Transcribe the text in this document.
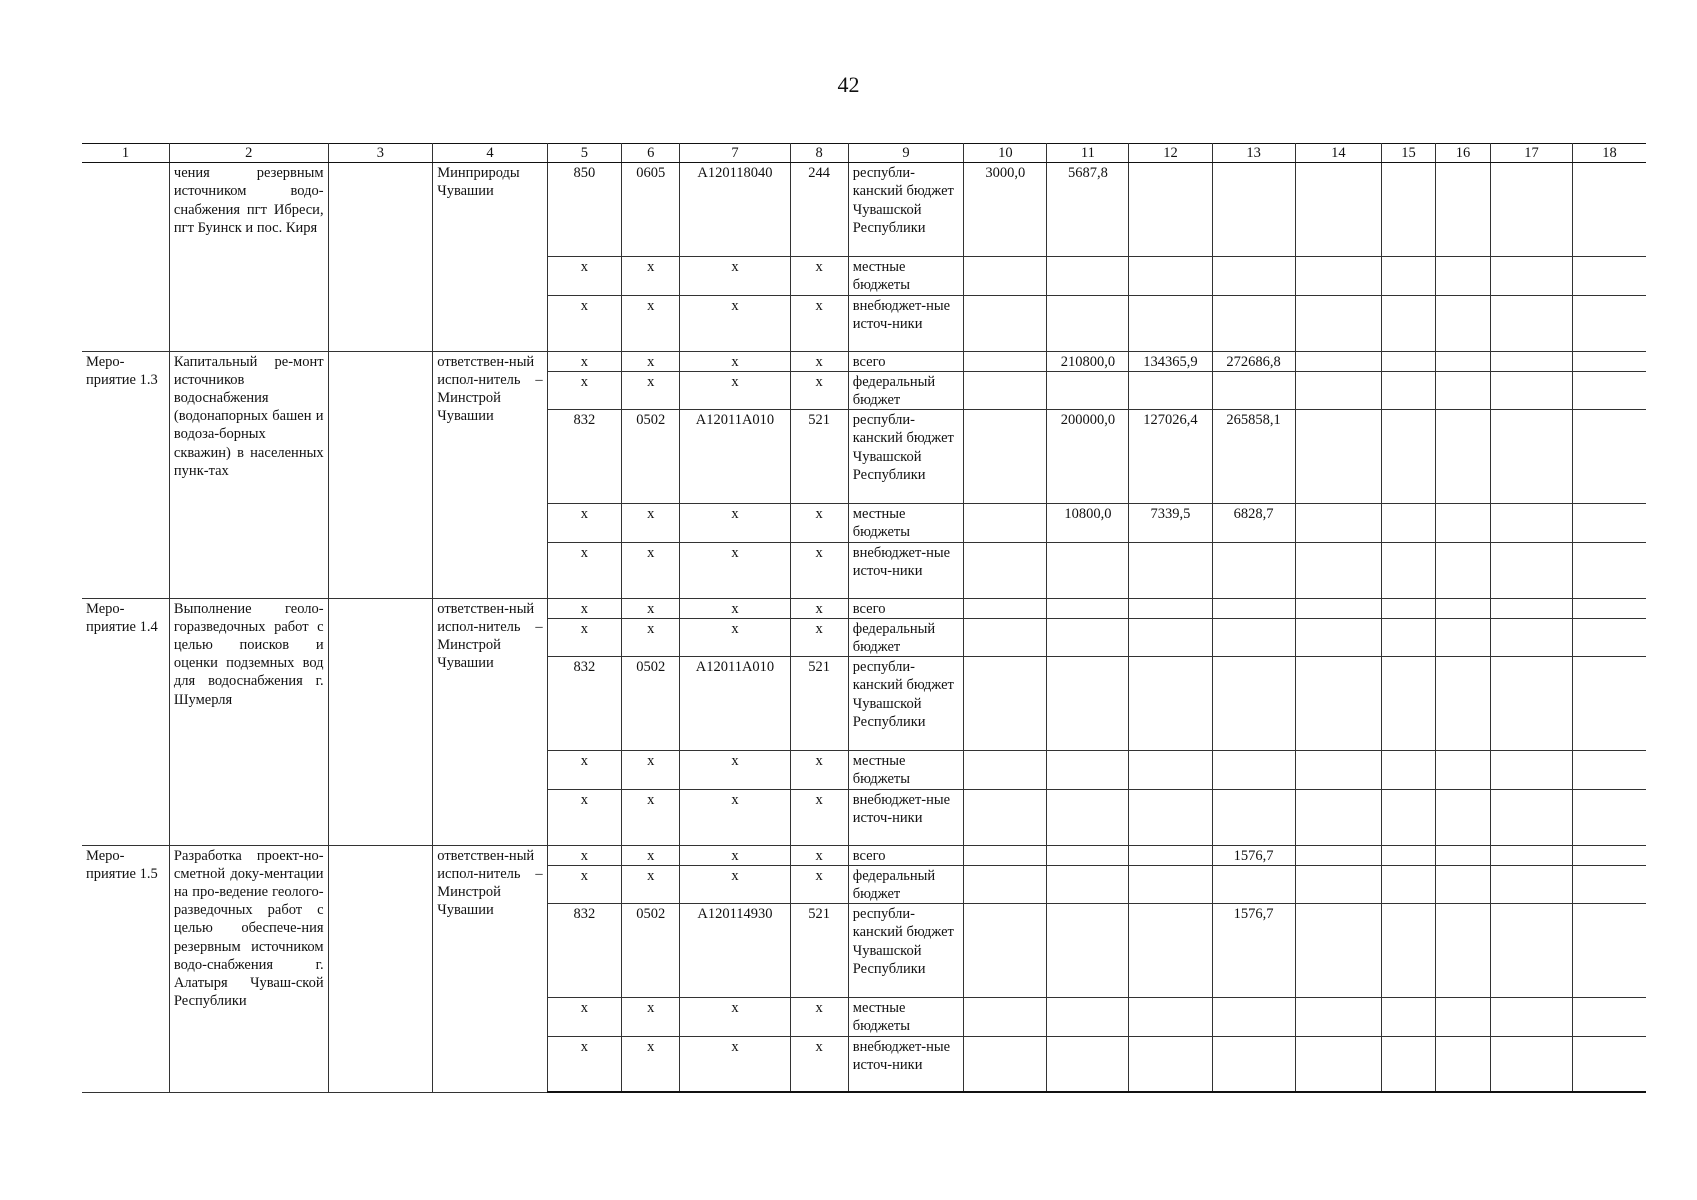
42
1	2	3	4	5	6	7	8	9	10	11	12	13	14	15	16	17	18
	чения резервным источником водо-снабжения пгт Ибреси, пгт Буинск и пос. Киря		Минприроды Чувашии	850	0605	А120118040	244	республи-канский бюджет Чувашской Республики	3000,0	5687,8							
				x	x	x	x	местные бюджеты									
				x	x	x	x	внебюджет-ные источ-ники									
Меро-приятие 1.3	Капитальный ре-монт источников водоснабжения (водонапорных башен и водоза-борных скважин) в населенных пунк-тах		ответствен-ный испол-нитель – Минстрой Чувашии	x	x	x	x	всего		210800,0	134365,9	272686,8					
				x	x	x	x	федеральный бюджет									
				832	0502	А12011А010	521	республи-канский бюджет Чувашской Республики		200000,0	127026,4	265858,1					
				x	x	x	x	местные бюджеты		10800,0	7339,5	6828,7					
				x	x	x	x	внебюджет-ные источ-ники									
Меро-приятие 1.4	Выполнение геоло-горазведочных работ с целью поисков и оценки подземных вод для водоснабжения г. Шумерля		ответствен-ный испол-нитель – Минстрой Чувашии	x	x	x	x	всего									
				x	x	x	x	федеральный бюджет									
				832	0502	А12011А010	521	республи-канский бюджет Чувашской Республики									
				x	x	x	x	местные бюджеты									
				x	x	x	x	внебюджет-ные источ-ники									
Меро-приятие 1.5	Разработка проект-но-сметной доку-ментации на про-ведение геолого-разведочных работ с целью обеспече-ния резервным источником водо-снабжения г. Алатыря Чуваш-ской Республики		ответствен-ный испол-нитель – Минстрой Чувашии	x	x	x	x	всего				1576,7					
				x	x	x	x	федеральный бюджет									
				832	0502	А120114930	521	республи-канский бюджет Чувашской Республики				1576,7					
				x	x	x	x	местные бюджеты									
				x	x	x	x	внебюджет-ные источ-ники									
